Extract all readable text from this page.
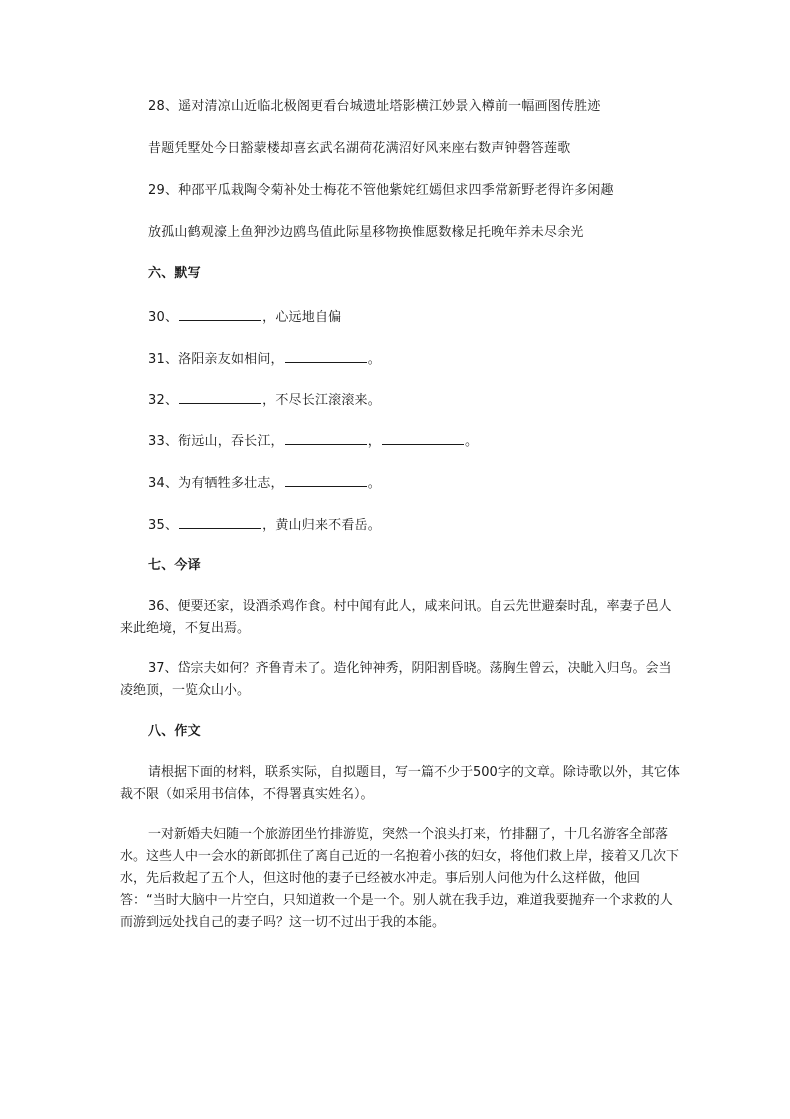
28、遥对清凉山近临北极阁更看台城遗址塔影横江妙景入樽前一幅画图传胜迹
昔题凭墅处今日豁蒙楼却喜玄武名湖荷花满沼好风来座右数声钟磬答莲歌
29、种邵平瓜栽陶令菊补处士梅花不管他紫姹红嫣但求四季常新野老得许多闲趣
放孤山鹤观濠上鱼狎沙边鸥鸟值此际星移物换惟愿数椽足托晚年养未尽余光
六、默写
30、	，心远地自偏
31、洛阳亲友如相问，	。
32、	，不尽长江滚滚来。
33、衔远山，吞长江，	，	。
34、为有牺牲多壮志，	。
35、	，黄山归来不看岳。
七、今译
36、便要还家，设酒杀鸡作食。村中闻有此人，咸来问讯。自云先世避秦时乱，率妻子邑人来此绝境，不复出焉。
37、岱宗夫如何？齐鲁青未了。造化钟神秀，阴阳割昏晓。荡胸生曾云，决眦入归鸟。会当凌绝顶，一览众山小。
八、作文
请根据下面的材料，联系实际，自拟题目，写一篇不少于500字的文章。除诗歌以外，其它体裁不限（如采用书信体，不得署真实姓名）。
一对新婚夫妇随一个旅游团坐竹排游览，突然一个浪头打来，竹排翻了，十几名游客全部落水。这些人中一会水的新郎抓住了离自己近的一名抱着小孩的妇女，将他们救上岸，接着又几次下水，先后救起了五个人，但这时他的妻子已经被水冲走。事后别人问他为什么这样做，他回答：“当时大脑中一片空白，只知道救一个是一个。别人就在我手边，难道我要抛弃一个求救的人而游到远处找自己的妻子吗？这一切不过出于我的本能。
